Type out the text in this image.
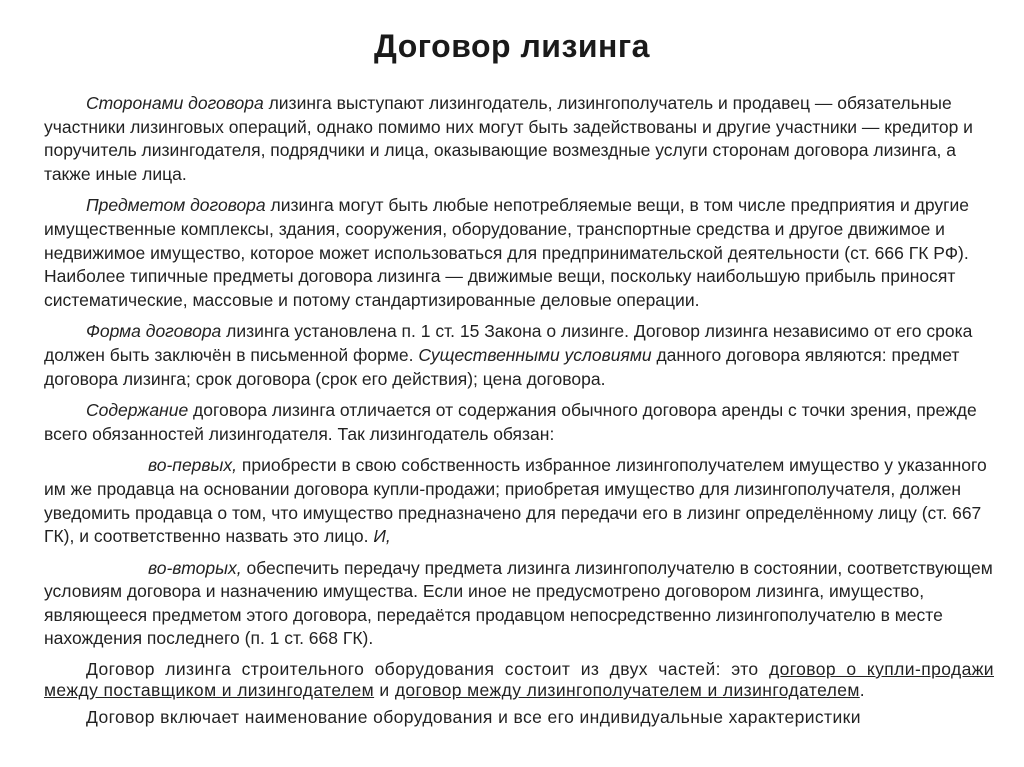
Договор лизинга

Сторонами договора лизинга выступают лизингодатель, лизингополучатель и продавец — обязательные участники лизинговых операций, однако помимо них могут быть задействованы и другие участники — кредитор и поручитель лизингодателя, подрядчики и лица, оказывающие возмездные услуги сторонам договора лизинга, а также иные лица.

Предметом договора лизинга могут быть любые непотребляемые вещи, в том числе предприятия и другие имущественные комплексы, здания, сооружения, оборудование, транспортные средства и другое движимое и недвижимое имущество, которое может использоваться для предпринимательской деятельности (ст. 666 ГК РФ). Наиболее типичные предметы договора лизинга — движимые вещи, поскольку наибольшую прибыль приносят систематические, массовые и потому стандартизированные деловые операции.

Форма договора лизинга установлена п. 1 ст. 15 Закона о лизинге. Договор лизинга независимо от его срока должен быть заключён в письменной форме. Существенными условиями данного договора являются: предмет договора лизинга; срок договора (срок его действия); цена договора.

Содержание договора лизинга отличается от содержания обычного договора аренды с точки зрения, прежде всего обязанностей лизингодателя. Так лизингодатель обязан:

во-первых, приобрести в свою собственность избранное лизингополучателем имущество у указанного им же продавца на основании договора купли-продажи; приобретая имущество для лизингополучателя, должен уведомить продавца о том, что имущество предназначено для передачи его в лизинг определённому лицу (ст. 667 ГК), и соответственно назвать это лицо. И,

во-вторых, обеспечить передачу предмета лизинга лизингополучателю в состоянии, соответствующем условиям договора и назначению имущества. Если иное не предусмотрено договором лизинга, имущество, являющееся предметом этого договора, передаётся продавцом непосредственно лизингополучателю в месте нахождения последнего (п. 1 ст. 668 ГК).

Договор лизинга строительного оборудования состоит из двух частей: это договор о купли-продажи между поставщиком и лизингодателем и договор между лизингополучателем и лизингодателем.

Договор включает наименование оборудования и все его индивидуальные характеристики
